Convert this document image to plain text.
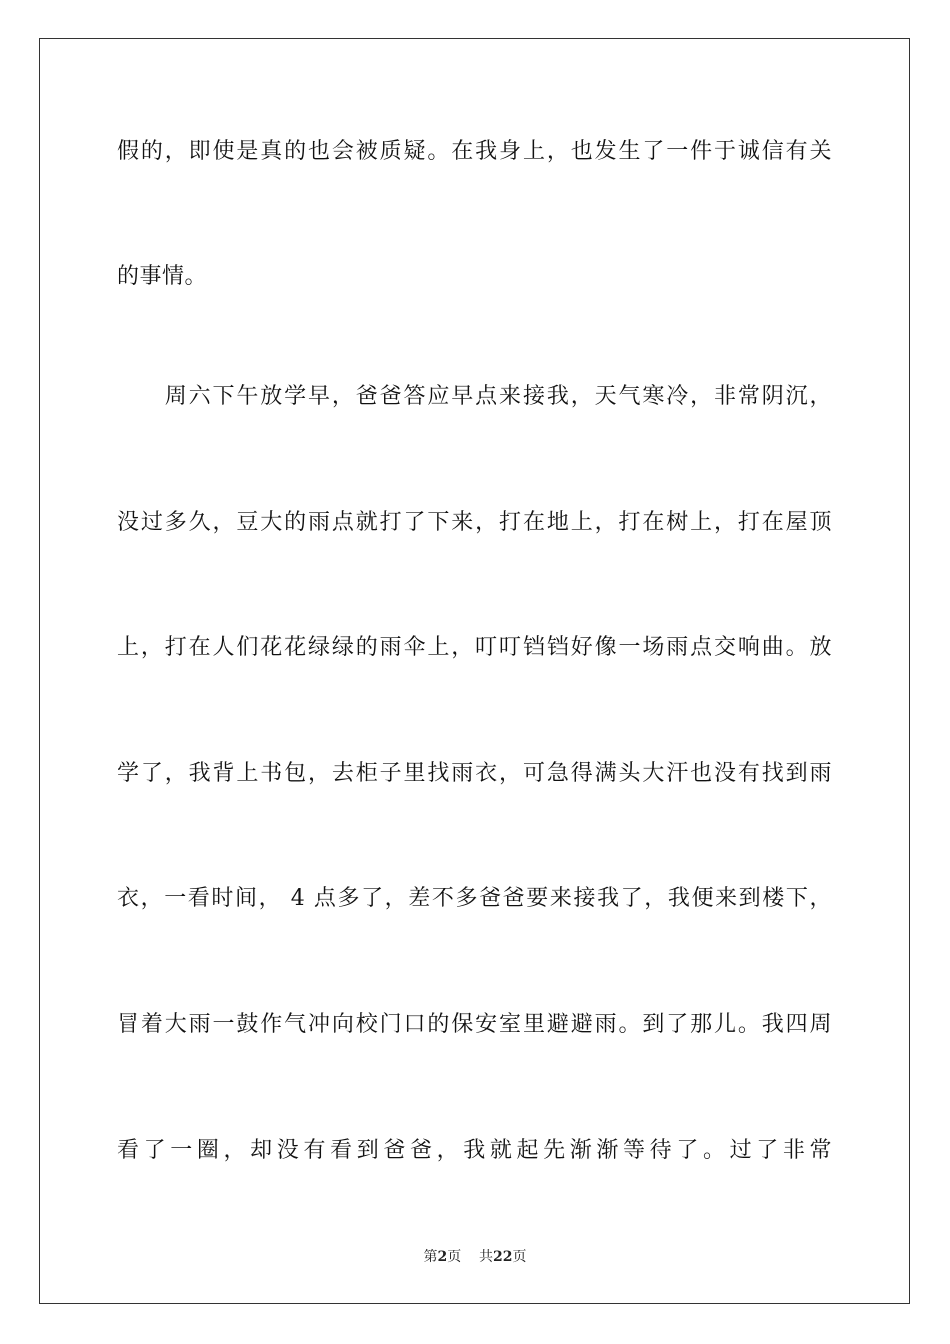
假的，即使是真的也会被质疑。在我身上，也发生了一件于诚信有关
的事情。
　　周六下午放学早，爸爸答应早点来接我，天气寒冷，非常阴沉，
没过多久，豆大的雨点就打了下来，打在地上，打在树上，打在屋顶
上，打在人们花花绿绿的雨伞上，叮叮铛铛好像一场雨点交响曲。放
学了，我背上书包，去柜子里找雨衣，可急得满头大汗也没有找到雨
衣，一看时间， 4 点多了，差不多爸爸要来接我了，我便来到楼下，
冒着大雨一鼓作气冲向校门口的保安室里避避雨。到了那儿。我四周
看了一圈，却没有看到爸爸，我就起先渐渐等待了。过了非常
第2页 共22页
